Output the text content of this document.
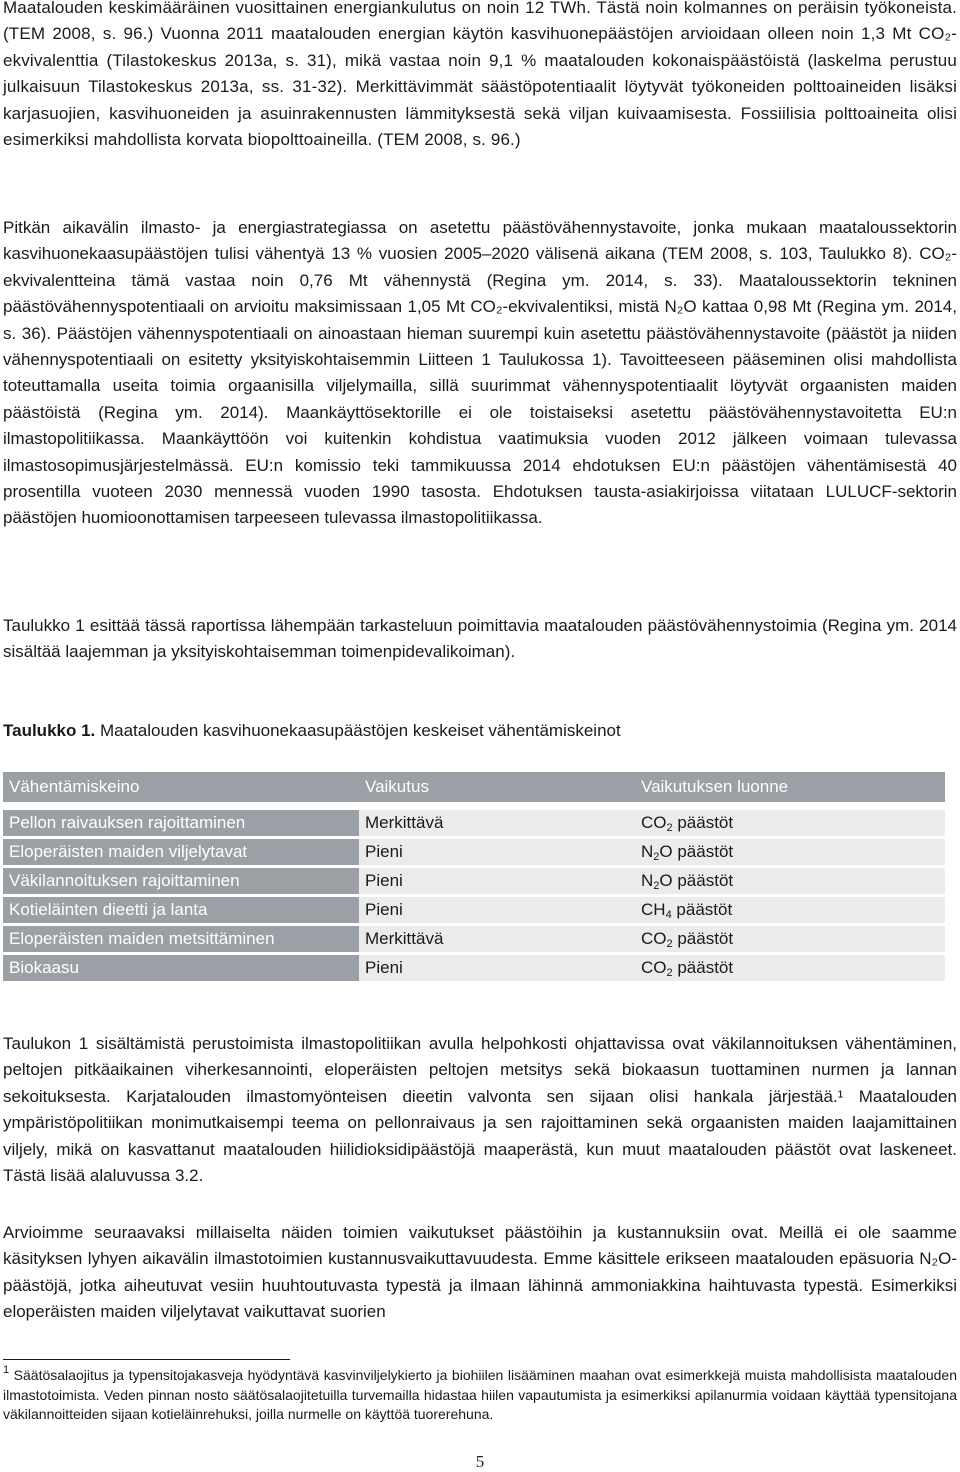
Maatalouden keskimääräinen vuosittainen energiankulutus on noin 12 TWh. Tästä noin kolmannes on peräisin työkoneista. (TEM 2008, s. 96.) Vuonna 2011 maatalouden energian käytön kasvihuonepäästöjen arvioidaan olleen noin 1,3 Mt CO₂-ekvivalenttia (Tilastokeskus 2013a, s. 31), mikä vastaa noin 9,1 % maatalouden kokonaispäästöistä (laskelma perustuu julkaisuun Tilastokeskus 2013a, ss. 31-32). Merkittävimmät säästöpotentiaalit löytyvät työkoneiden polttoaineiden lisäksi karjasuojien, kasvihuoneiden ja asuinrakennusten lämmityksestä sekä viljan kuivaamisesta. Fossiilisia polttoaineita olisi esimerkiksi mahdollista korvata biopolttoaineilla. (TEM 2008, s. 96.)

Pitkän aikavälin ilmasto- ja energiastrategiassa on asetettu päästövähennystavoite, jonka mukaan maataloussektorin kasvihuonekaasupäästöjen tulisi vähentyä 13 % vuosien 2005–2020 välisenä aikana (TEM 2008, s. 103, Taulukko 8). CO₂-ekvivalentteina tämä vastaa noin 0,76 Mt vähennystä (Regina ym. 2014, s. 33). Maataloussektorin tekninen päästövähennyspotentiaali on arvioitu maksimissaan 1,05 Mt CO₂-ekvivalentiksi, mistä N₂O kattaa 0,98 Mt (Regina ym. 2014, s. 36). Päästöjen vähennyspotentiaali on ainoastaan hieman suurempi kuin asetettu päästövähennystavoite (päästöt ja niiden vähennyspotentiaali on esitetty yksityiskohtaisemmin Liitteen 1 Taulukossa 1). Tavoitteeseen pääseminen olisi mahdollista toteuttamalla useita toimia orgaanisilla viljelymailla, sillä suurimmat vähennyspotentiaalit löytyvät orgaanisten maiden päästöistä (Regina ym. 2014). Maankäyttösektorille ei ole toistaiseksi asetettu päästövähennystavoitetta EU:n ilmastopolitiikassa. Maankäyttöön voi kuitenkin kohdistua vaatimuksia vuoden 2012 jälkeen voimaan tulevassa ilmastosopimusjärjestelmässä. EU:n komissio teki tammikuussa 2014 ehdotuksen EU:n päästöjen vähentämisestä 40 prosentilla vuoteen 2030 mennessä vuoden 1990 tasosta. Ehdotuksen tausta-asiakirjoissa viitataan LULUCF-sektorin päästöjen huomioonottamisen tarpeeseen tulevassa ilmastopolitiikassa.

Taulukko 1 esittää tässä raportissa lähempään tarkasteluun poimittavia maatalouden päästövähennystoimia (Regina ym. 2014 sisältää laajemman ja yksityiskohtaisemman toimenpidevalikoiman).

Taulukko 1. Maatalouden kasvihuonekaasupäästöjen keskeiset vähentämiskeinot
Vähentämiskeino	Vaikutus	Vaikutuksen luonne

Pellon raivauksen rajoittaminen	Merkittävä	$CO_2$ päästöt
Eloperäisten maiden viljelytavat	Pieni	$N_2O$ päästöt
Väkilannoituksen rajoittaminen	Pieni	$N_2O$ päästöt
Kotieläinten dieetti ja lanta	Pieni	$CH_4$ päästöt
Eloperäisten maiden metsittäminen	Merkittävä	$CO_2$ päästöt
Biokaasu	Pieni	$CO_2$ päästöt

Taulukon 1 sisältämistä perustoimista ilmastopolitiikan avulla helpohkosti ohjattavissa ovat väkilannoituksen vähentäminen, peltojen pitkäaikainen viherkesannointi, eloperäisten peltojen metsitys sekä biokaasun tuottaminen nurmen ja lannan sekoituksesta. Karjatalouden ilmastomyönteisen dieetin valvonta sen sijaan olisi hankala järjestää.¹ Maatalouden ympäristöpolitiikan monimutkaisempi teema on pellonraivaus ja sen rajoittaminen sekä orgaanisten maiden laajamittainen viljely, mikä on kasvattanut maatalouden hiilidioksidipäästöjä maaperästä, kun muut maatalouden päästöt ovat laskeneet. Tästä lisää alaluvussa 3.2.

Arvioimme seuraavaksi millaiselta näiden toimien vaikutukset päästöihin ja kustannuksiin ovat. Meillä ei ole saamme käsityksen lyhyen aikavälin ilmastotoimien kustannusvaikuttavuudesta. Emme käsittele erikseen maatalouden epäsuoria N₂O-päästöjä, jotka aiheutuvat vesiin huuhtoutuvasta typestä ja ilmaan lähinnä ammoniakkina haihtuvasta typestä. Esimerkiksi eloperäisten maiden viljelytavat vaikuttavat suorien

$^1$ Säätösalaojitus ja typensitojakasveja hyödyntävä kasvinviljelykierto ja biohiilen lisääminen maahan ovat esimerkkejä muista mahdollisista maatalouden ilmastotoimista. Veden pinnan nosto säätösalaojitetuilla turvemailla hidastaa hiilen vapautumista ja esimerkiksi apilanurmia voidaan käyttää typensitojana väkilannoitteiden sijaan kotieläinrehuksi, joilla nurmelle on käyttöä tuorerehuna.

5
